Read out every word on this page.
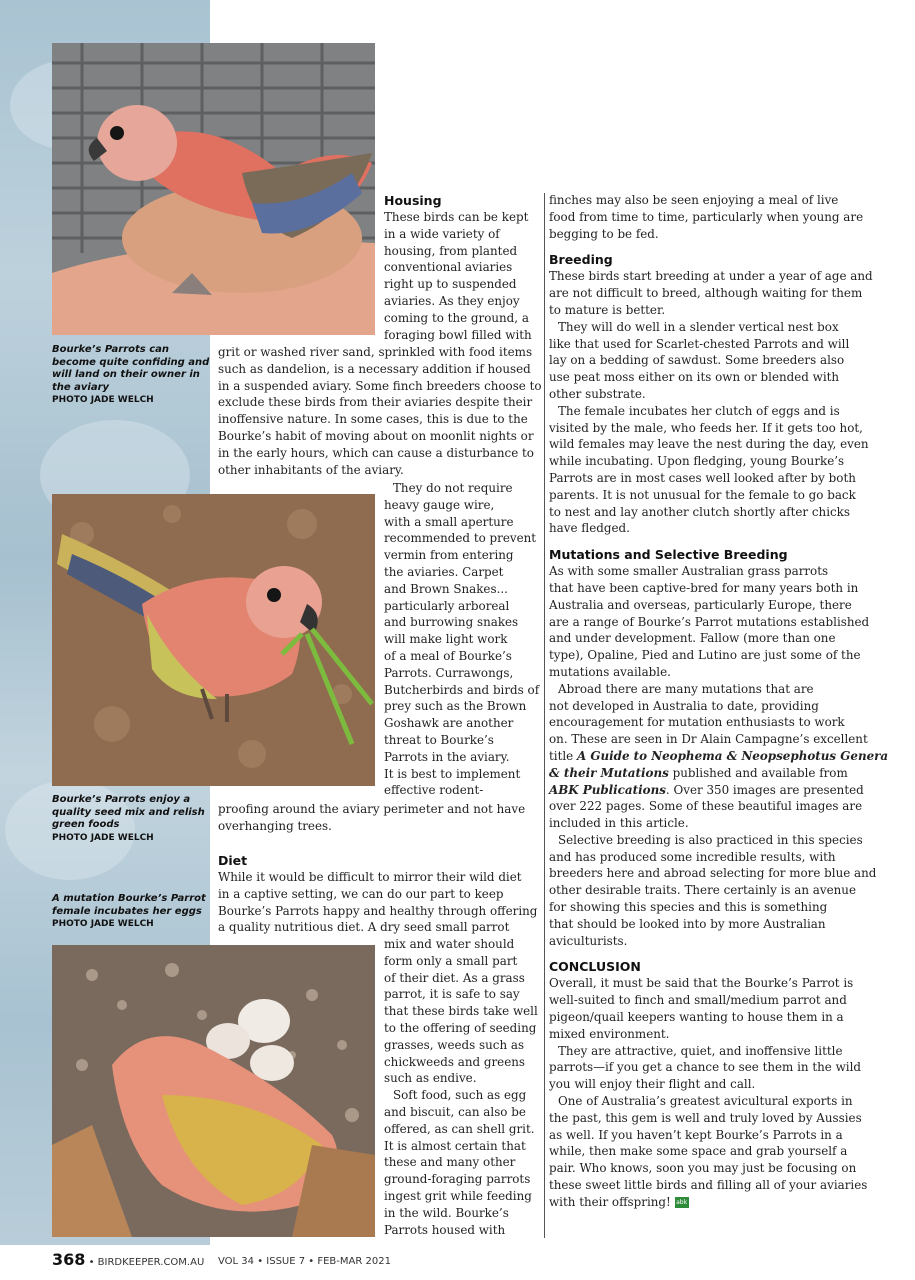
Bourke’s Parrots can become quite confiding and will land on their owner in the aviary
PHOTO JADE WELCH
Bourke’s Parrots enjoy a quality seed mix and relish green foods
PHOTO JADE WELCH
A mutation Bourke’s Parrot female incubates her eggs
PHOTO JADE WELCH

Housing

These birds can be kept

in a wide variety of

housing, from planted

conventional aviaries

right up to suspended

aviaries. As they enjoy

coming to the ground, a

foraging bowl filled with

grit or washed river sand, sprinkled with food items

such as dandelion, is a necessary addition if housed

in a suspended aviary. Some finch breeders choose to

exclude these birds from their aviaries despite their

inoffensive nature. In some cases, this is due to the

Bourke’s habit of moving about on moonlit nights or

in the early hours, which can cause a disturbance to

other inhabitants of the aviary.

They do not require

heavy gauge wire,

with a small aperture

recommended to prevent

vermin from entering

the aviaries. Carpet

and Brown Snakes...

particularly arboreal

and burrowing snakes

will make light work

of a meal of Bourke’s

Parrots. Currawongs,

Butcherbirds and birds of

prey such as the Brown

Goshawk are another

threat to Bourke’s

Parrots in the aviary.

It is best to implement

effective rodent-

proofing around the aviary perimeter and not have

overhanging trees.

Diet

While it would be difficult to mirror their wild diet

in a captive setting, we can do our part to keep

Bourke’s Parrots happy and healthy through offering

a quality nutritious diet. A dry seed small parrot

mix and water should

form only a small part

of their diet. As a grass

parrot, it is safe to say

that these birds take well

to the offering of seeding

grasses, weeds such as

chickweeds and greens

such as endive.

Soft food, such as egg

and biscuit, can also be

offered, as can shell grit.

It is almost certain that

these and many other

ground-foraging parrots

ingest grit while feeding

in the wild. Bourke’s

Parrots housed with

finches may also be seen enjoying a meal of live

food from time to time, particularly when young are

begging to be fed.

Breeding

These birds start breeding at under a year of age and

are not difficult to breed, although waiting for them

to mature is better.

They will do well in a slender vertical nest box

like that used for Scarlet-chested Parrots and will

lay on a bedding of sawdust. Some breeders also

use peat moss either on its own or blended with

other substrate.

The female incubates her clutch of eggs and is

visited by the male, who feeds her. If it gets too hot,

wild females may leave the nest during the day, even

while incubating. Upon fledging, young Bourke’s

Parrots are in most cases well looked after by both

parents. It is not unusual for the female to go back

to nest and lay another clutch shortly after chicks

have fledged.

Mutations and Selective Breeding

As with some smaller Australian grass parrots

that have been captive-bred for many years both in

Australia and overseas, particularly Europe, there

are a range of Bourke’s Parrot mutations established

and under development. Fallow (more than one

type), Opaline, Pied and Lutino are just some of the

mutations available.

Abroad there are many mutations that are

not developed in Australia to date, providing

encouragement for mutation enthusiasts to work

on. These are seen in Dr Alain Campagne’s excellent

title A Guide to Neophema & Neopsephotus Genera

& their Mutations published and available from

ABK Publications. Over 350 images are presented

over 222 pages. Some of these beautiful images are

included in this article.

Selective breeding is also practiced in this species

and has produced some incredible results, with

breeders here and abroad selecting for more blue and

other desirable traits. There certainly is an avenue

for showing this species and this is something

that should be looked into by more Australian

aviculturists.

CONCLUSION

Overall, it must be said that the Bourke’s Parrot is

well-suited to finch and small/medium parrot and

pigeon/quail keepers wanting to house them in a

mixed environment.

They are attractive, quiet, and inoffensive little

parrots—if you get a chance to see them in the wild

you will enjoy their flight and call.

One of Australia’s greatest avicultural exports in

the past, this gem is well and truly loved by Aussies

as well. If you haven’t kept Bourke’s Parrots in a

while, then make some space and grab yourself a

pair. Who knows, soon you may just be focusing on

these sweet little birds and filling all of your aviaries

with their offspring! abk

368 • BIRDKEEPER.COM.AU VOL 34 • ISSUE 7 • FEB-MAR 2021
